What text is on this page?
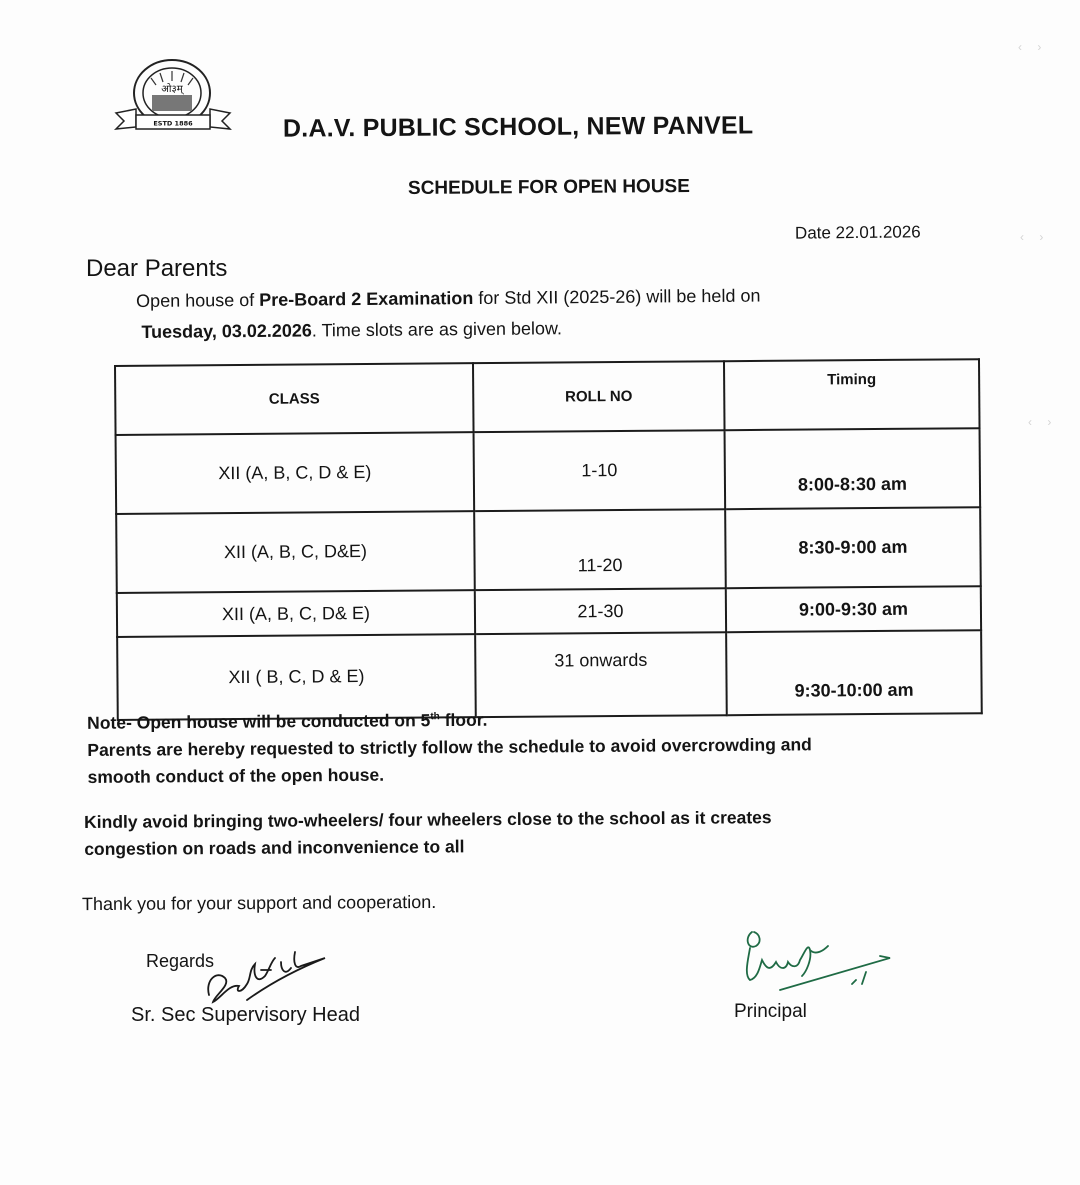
‹ ›
‹ ›
‹ ›
ओ३म्
ESTD 1886	D.A.V. PUBLIC SCHOOL, NEW PANVEL
SCHEDULE FOR OPEN HOUSE
Date 22.01.2026
Dear Parents
Open house of Pre-Board 2 Examination for Std XII (2025-26) will be held on
Tuesday, 03.02.2026. Time slots are as given below.
CLASS	ROLL NO	Timing
XII (A, B, C, D & E)	1-10	8:00-8:30 am
XII (A, B, C, D&E)	11-20	8:30-9:00 am
XII (A, B, C, D& E)	21-30	9:00-9:30 am
XII ( B, C, D & E)	31 onwards	9:30-10:00 am
Note- Open house will be conducted on 5th floor.
Parents are hereby requested to strictly follow the schedule to avoid overcrowding and
smooth conduct of the open house.
Kindly avoid bringing two-wheelers/ four wheelers close to the school as it creates
congestion on roads and inconvenience to all
Thank you for your support and cooperation.
Regards
Sr. Sec Supervisory Head	Principal
